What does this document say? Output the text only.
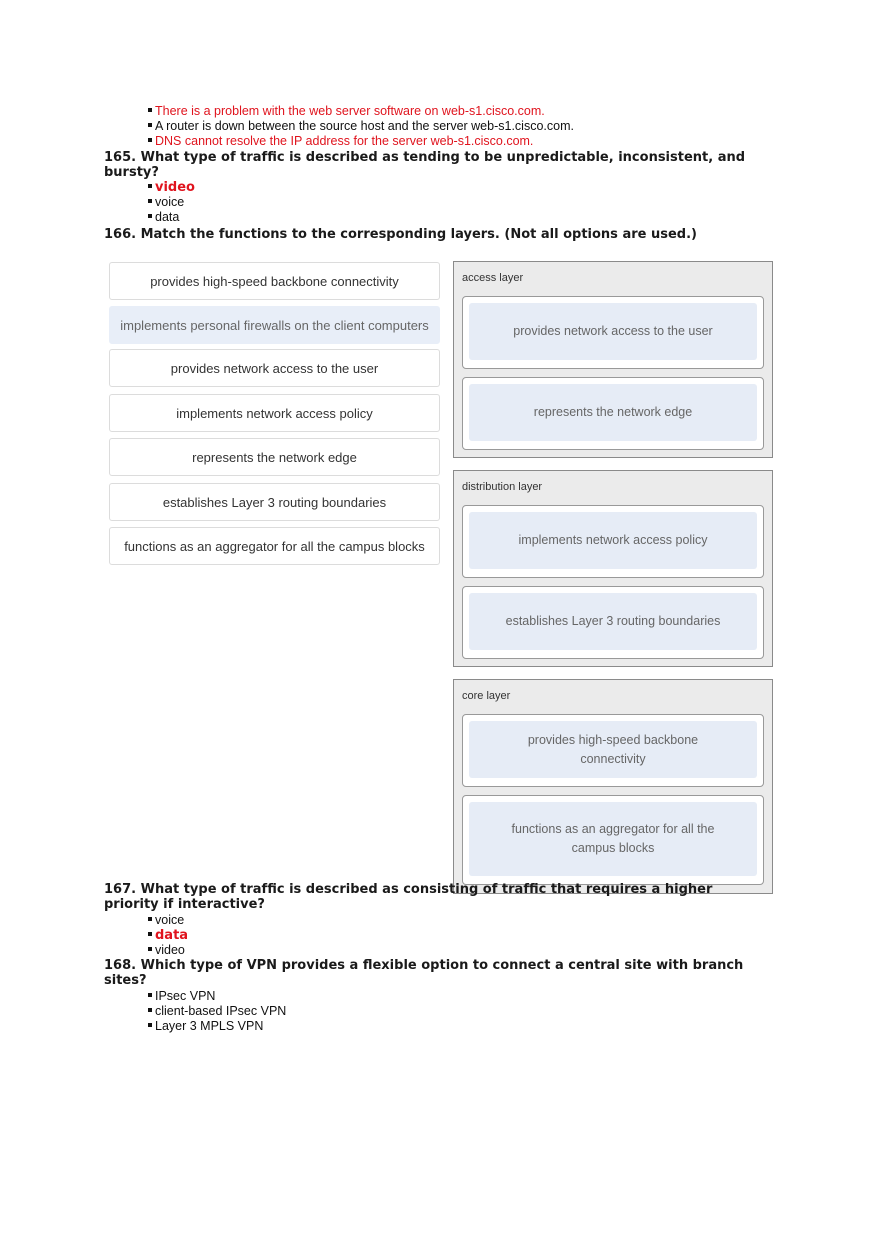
There is a problem with the web server software on web-s1.cisco.com.
A router is down between the source host and the server web-s1.cisco.com.
DNS cannot resolve the IP address for the server web-s1.cisco.com.
165. What type of trafﬁc is described as tending to be unpredictable, inconsistent, and bursty?
video
voice
data
166. Match the functions to the corresponding layers. (Not all options are used.)
provides high-speed backbone connectivity
implements personal firewalls on the client computers
provides network access to the user
implements network access policy
represents the network edge
establishes Layer 3 routing boundaries
functions as an aggregator for all the campus blocks
access layer
provides network access to the user
represents the network edge
distribution layer
implements network access policy
establishes Layer 3 routing boundaries
core layer
provides high-speed backbone connectivity
functions as an aggregator for all the campus blocks
167. What type of trafﬁc is described as consisting of trafﬁc that requires a higher priority if interactive?
voice
data
video
168. Which type of VPN provides a flexible option to connect a central site with branch sites?
IPsec VPN
client-based IPsec VPN
Layer 3 MPLS VPN
